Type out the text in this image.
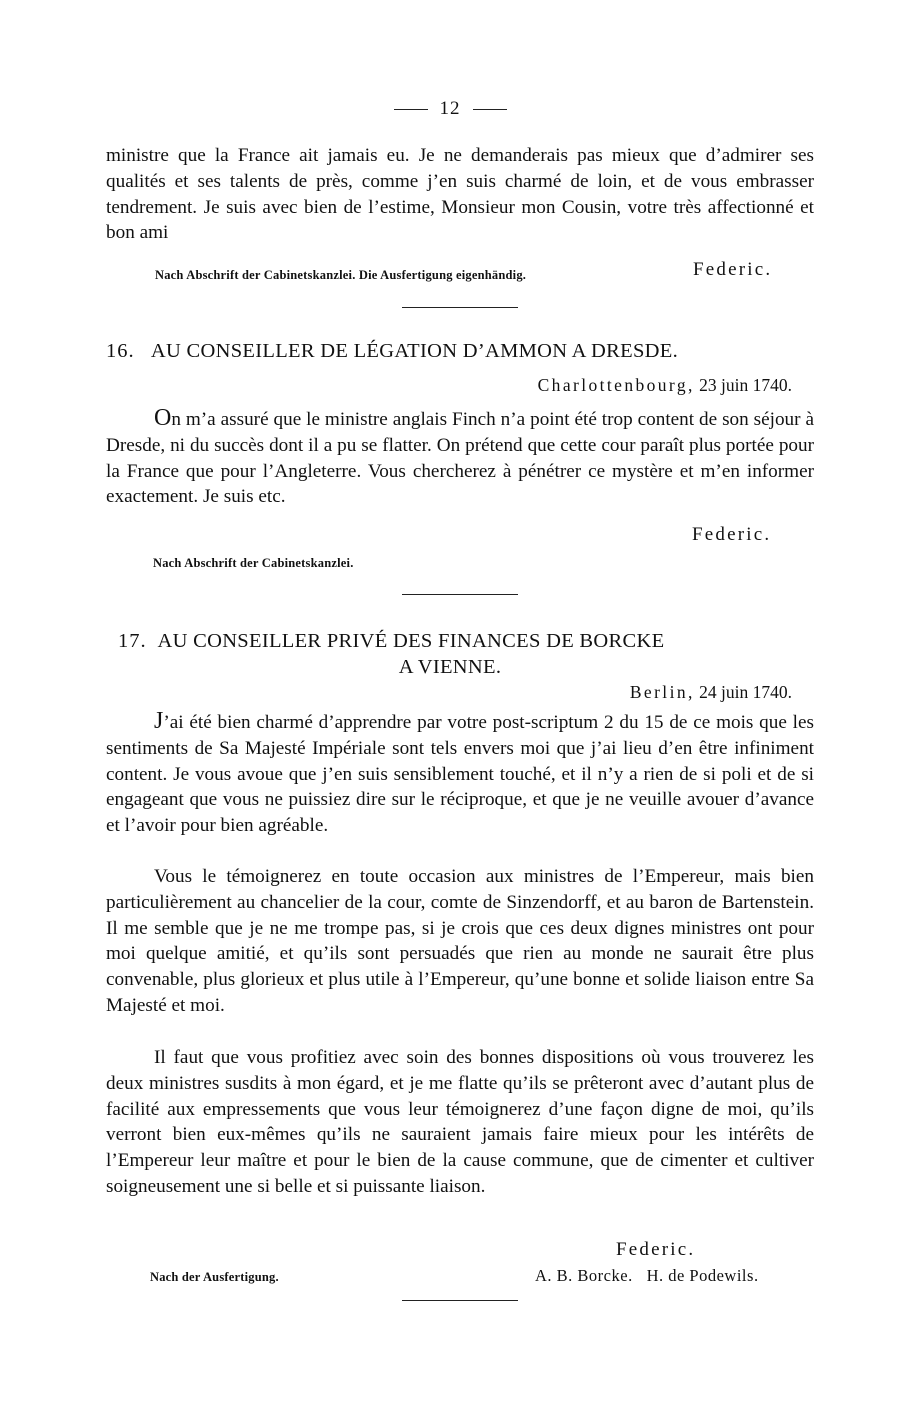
12
ministre que la France ait jamais eu. Je ne demanderais pas mieux que d’admirer ses qualités et ses talents de près, comme j’en suis charmé de loin, et de vous embrasser tendrement. Je suis avec bien de l’estime, Monsieur mon Cousin, votre très affectionné et bon ami
Nach Abschrift der Cabinetskanzlei. Die Ausfertigung eigenhändig.	Federic.
16. AU CONSEILLER DE LÉGATION D’AMMON A DRESDE.
Charlottenbourg, 23 juin 1740.
On m’a assuré que le ministre anglais Finch n’a point été trop content de son séjour à Dresde, ni du succès dont il a pu se flatter. On prétend que cette cour paraît plus portée pour la France que pour l’Angleterre. Vous chercherez à pénétrer ce mystère et m’en informer exactement. Je suis etc.
Federic.
Nach Abschrift der Cabinetskanzlei.
17. AU CONSEILLER PRIVÉ DES FINANCES DE BORCKE
A VIENNE.
Berlin, 24 juin 1740.
J’ai été bien charmé d’apprendre par votre post-scriptum 2 du 15 de ce mois que les sentiments de Sa Majesté Impériale sont tels envers moi que j’ai lieu d’en être infiniment content. Je vous avoue que j’en suis sensiblement touché, et il n’y a rien de si poli et de si engageant que vous ne puissiez dire sur le réciproque, et que je ne veuille avouer d’avance et l’avoir pour bien agréable.
Vous le témoignerez en toute occasion aux ministres de l’Empereur, mais bien particulièrement au chancelier de la cour, comte de Sinzendorff, et au baron de Bartenstein. Il me semble que je ne me trompe pas, si je crois que ces deux dignes ministres ont pour moi quelque amitié, et qu’ils sont persuadés que rien au monde ne saurait être plus convenable, plus glorieux et plus utile à l’Empereur, qu’une bonne et solide liaison entre Sa Majesté et moi.
Il faut que vous profitiez avec soin des bonnes dispositions où vous trouverez les deux ministres susdits à mon égard, et je me flatte qu’ils se prêteront avec d’autant plus de facilité aux empressements que vous leur témoignerez d’une façon digne de moi, qu’ils verront bien eux-mêmes qu’ils ne sauraient jamais faire mieux pour les intérêts de l’Empereur leur maître et pour le bien de la cause commune, que de cimenter et cultiver soigneusement une si belle et si puissante liaison.
Federic.
Nach der Ausfertigung.	A. B. Borcke.   H. de Podewils.
